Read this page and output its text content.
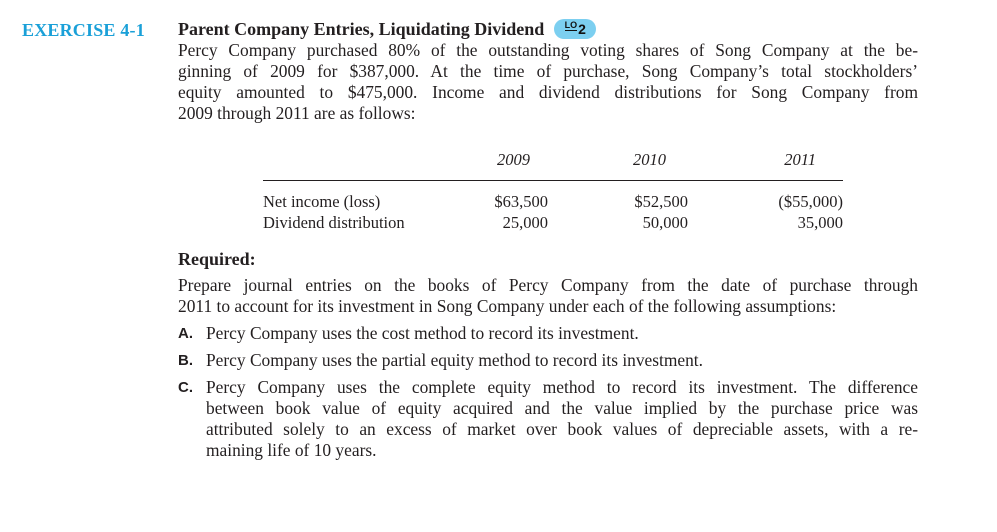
EXERCISE 4-1 Parent Company Entries, Liquidating Dividend LO 2

Percy Company purchased 80% of the outstanding voting shares of Song Company at the be-
ginning of 2009 for $387,000. At the time of purchase, Song Company’s total stockholders’
equity amounted to $475,000. Income and dividend distributions for Song Company from
2009 through 2011 are as follows:

	2009	2010	2011
Net income (loss)	$63,500	$52,500	($55,000)
Dividend distribution	25,000	50,000	35,000
Required:

Prepare journal entries on the books of Percy Company from the date of purchase through
2011 to account for its investment in Song Company under each of the following assumptions:

A. Percy Company uses the cost method to record its investment.
B. Percy Company uses the partial equity method to record its investment.
C. Percy Company uses the complete equity method to record its investment. The difference
between book value of equity acquired and the value implied by the purchase price was
attributed solely to an excess of market over book values of depreciable assets, with a re-
maining life of 10 years.
